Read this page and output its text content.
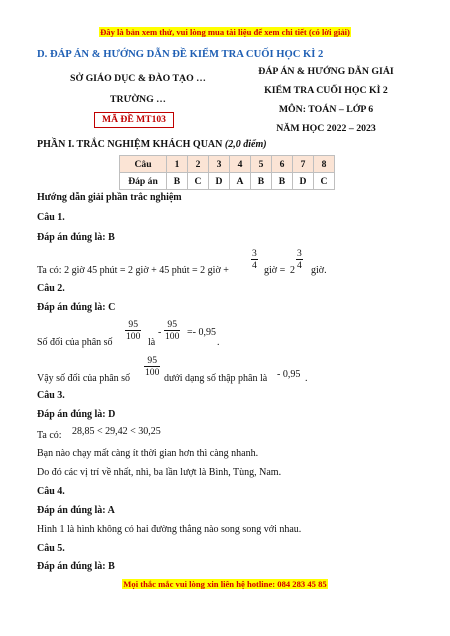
Đây là bản xem thử, vui lòng mua tài liệu để xem chi tiết (có lời giải)
D. ĐÁP ÁN & HƯỚNG DẪN ĐỀ KIỂM TRA CUỐI HỌC KÌ 2
SỞ GIÁO DỤC & ĐÀO TẠO …
TRƯỜNG …
MÃ ĐỀ MT103
ĐÁP ÁN & HƯỚNG DẪN GIẢI
KIỂM TRA CUỐI HỌC KÌ 2
MÔN: TOÁN – LỚP 6
NĂM HỌC 2022 – 2023
PHẦN I. TRẮC NGHIỆM KHÁCH QUAN (2,0 điểm)
Câu	1	2	3	4	5	6	7	8
Đáp án	B	C	D	A	B	B	D	C
Hướng dẫn giải phần trắc nghiệm
Câu 1.
Đáp án đúng là: B
Ta có: 2 giờ 45 phút = 2 giờ + 45 phút = 2 giờ + $\frac{3}{4}$ giờ = $2 \frac{3}{4}$ giờ.
Câu 2.
Đáp án đúng là: C
Số đối của phân số
$\frac{95}{100}$
là
- $\frac{95}{100} =- 0,95$
.
Vậy số đối của phân số
$\frac{95}{100}$
dưới dạng số thập phân là - 0,95 .
Câu 3.
Đáp án đúng là: D
Ta có: 28,85 < 29,42 < 30,25
Bạn nào chạy mất càng ít thời gian hơn thì càng nhanh.
Do đó các vị trí về nhất, nhì, ba lần lượt là Bình, Tùng, Nam.
Câu 4.
Đáp án đúng là: A
Hình 1 là hình không có hai đường thẳng nào song song với nhau.
Câu 5.
Đáp án đúng là: B
Mọi thắc mắc vui lòng xin liên hệ hotline: 084 283 45 85
